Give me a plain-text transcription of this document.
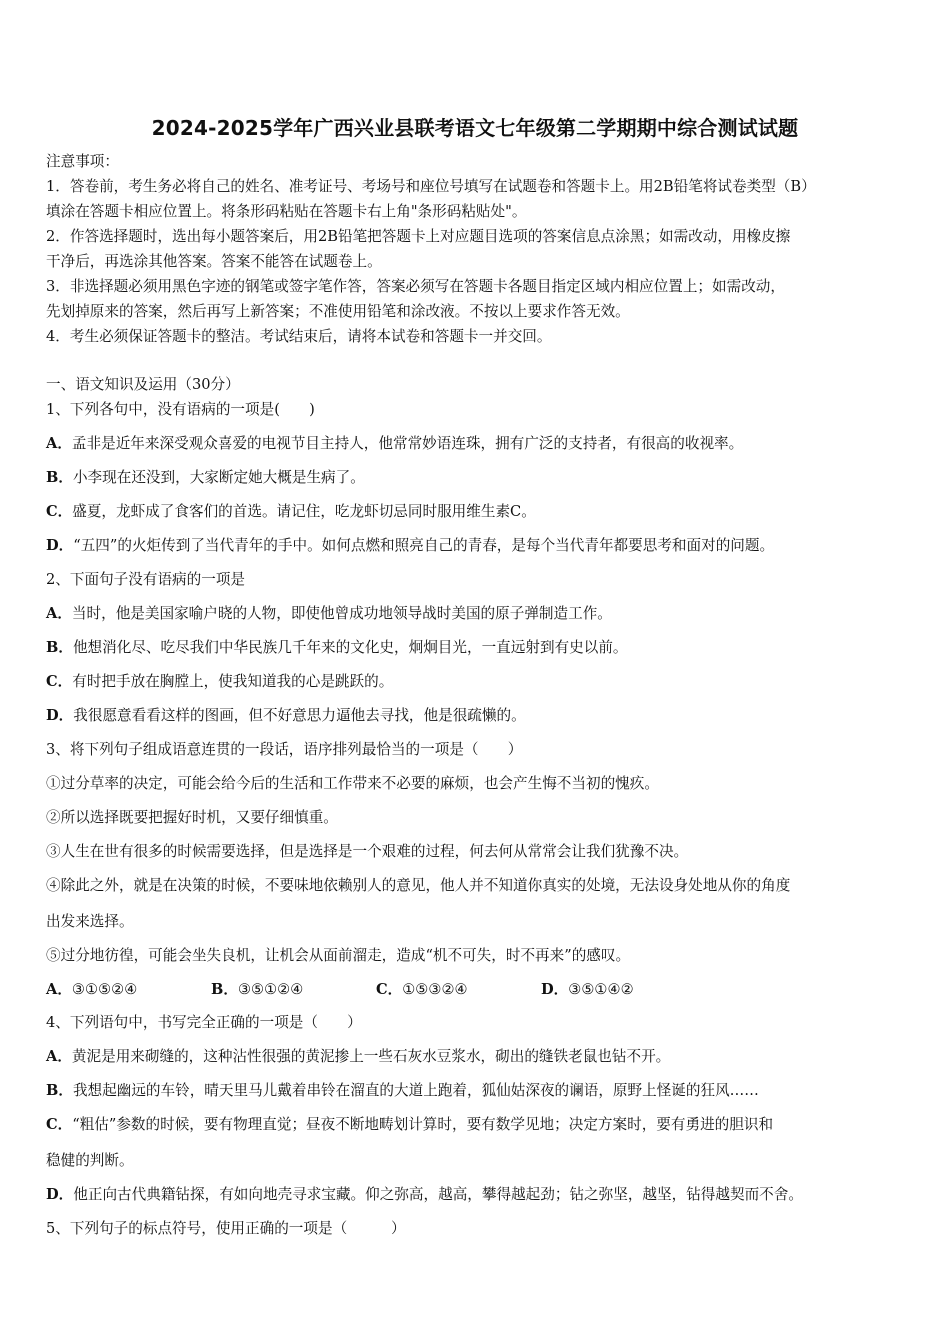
2024-2025学年广西兴业县联考语文七年级第二学期期中综合测试试题
注意事项：
1．答卷前，考生务必将自己的姓名、准考证号、考场号和座位号填写在试题卷和答题卡上。用2B铅笔将试卷类型（B）
填涂在答题卡相应位置上。将条形码粘贴在答题卡右上角"条形码粘贴处"。
2．作答选择题时，选出每小题答案后，用2B铅笔把答题卡上对应题目选项的答案信息点涂黑；如需改动，用橡皮擦
干净后，再选涂其他答案。答案不能答在试题卷上。
3．非选择题必须用黑色字迹的钢笔或签字笔作答，答案必须写在答题卡各题目指定区域内相应位置上；如需改动，
先划掉原来的答案，然后再写上新答案；不准使用铅笔和涂改液。不按以上要求作答无效。
4．考生必须保证答题卡的整洁。考试结束后，请将本试卷和答题卡一并交回。
一、语文知识及运用（30分）
1、下列各句中，没有语病的一项是(　　)
A．孟非是近年来深受观众喜爱的电视节目主持人，他常常妙语连珠，拥有广泛的支持者，有很高的收视率。
B．小李现在还没到，大家断定她大概是生病了。
C．盛夏，龙虾成了食客们的首选。请记住，吃龙虾切忌同时服用维生素C。
D．“五四”的火炬传到了当代青年的手中。如何点燃和照亮自己的青春，是每个当代青年都要思考和面对的问题。
2、下面句子没有语病的一项是
A．当时，他是美国家喻户晓的人物，即使他曾成功地领导战时美国的原子弹制造工作。
B．他想消化尽、吃尽我们中华民族几千年来的文化史，炯炯目光，一直远射到有史以前。
C．有时把手放在胸膛上，使我知道我的心是跳跃的。
D．我很愿意看看这样的图画，但不好意思力逼他去寻找，他是很疏懒的。
3、将下列句子组成语意连贯的一段话，语序排列最恰当的一项是（　　）
①过分草率的决定，可能会给今后的生活和工作带来不必要的麻烦，也会产生悔不当初的愧疚。
②所以选择既要把握好时机，又要仔细慎重。
③人生在世有很多的时候需要选择，但是选择是一个艰难的过程，何去何从常常会让我们犹豫不决。
④除此之外，就是在决策的时候，不要味地依赖别人的意见，他人并不知道你真实的处境，无法设身处地从你的角度
出发来选择。
⑤过分地彷徨，可能会坐失良机，让机会从面前溜走，造成“机不可失，时不再来”的感叹。
A．③①⑤②④	B．③⑤①②④	C．①⑤③②④	D．③⑤①④②
4、下列语句中，书写完全正确的一项是（　　）
A．黄泥是用来砌缝的，这种沾性很强的黄泥掺上一些石灰水豆浆水，砌出的缝铁老鼠也钻不开。
B．我想起幽远的车铃，晴天里马儿戴着串铃在溜直的大道上跑着，狐仙姑深夜的谰语，原野上怪诞的狂风……
C．“粗估”参数的时候，要有物理直觉；昼夜不断地畴划计算时，要有数学见地；决定方案时，要有勇进的胆识和
稳健的判断。
D．他正向古代典籍钻探，有如向地壳寻求宝藏。仰之弥高，越高，攀得越起劲；钻之弥坚，越坚，钻得越契而不舍。
5、下列句子的标点符号，使用正确的一项是（　　　）
